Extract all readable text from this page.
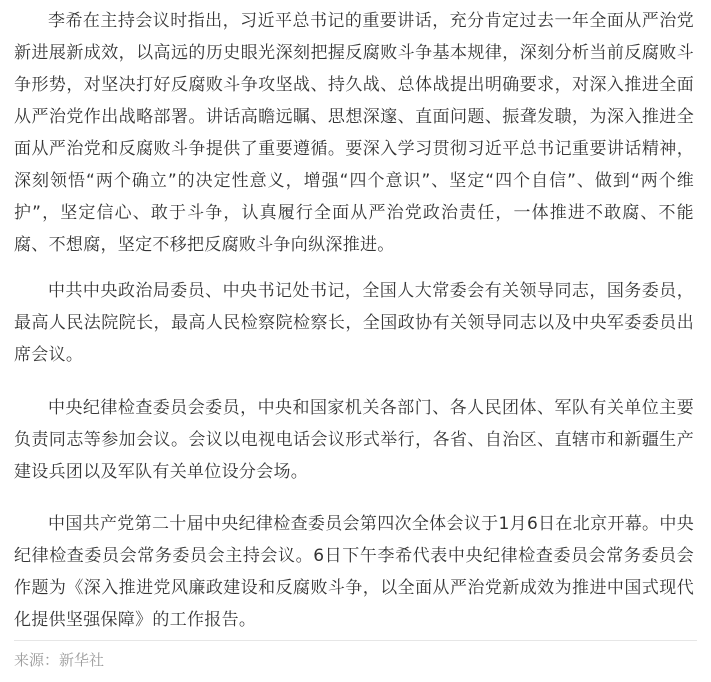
李希在主持会议时指出，习近平总书记的重要讲话，充分肯定过去一年全面从严治党新进展新成效，以高远的历史眼光深刻把握反腐败斗争基本规律，深刻分析当前反腐败斗争形势，对坚决打好反腐败斗争攻坚战、持久战、总体战提出明确要求，对深入推进全面从严治党作出战略部署。讲话高瞻远瞩、思想深邃、直面问题、振聋发聩，为深入推进全面从严治党和反腐败斗争提供了重要遵循。要深入学习贯彻习近平总书记重要讲话精神，深刻领悟“两个确立”的决定性意义，增强“四个意识”、坚定“四个自信”、做到“两个维护”，坚定信心、敢于斗争，认真履行全面从严治党政治责任，一体推进不敢腐、不能腐、不想腐，坚定不移把反腐败斗争向纵深推进。

中共中央政治局委员、中央书记处书记，全国人大常委会有关领导同志，国务委员，最高人民法院院长，最高人民检察院检察长，全国政协有关领导同志以及中央军委委员出席会议。

中央纪律检查委员会委员，中央和国家机关各部门、各人民团体、军队有关单位主要负责同志等参加会议。会议以电视电话会议形式举行，各省、自治区、直辖市和新疆生产建设兵团以及军队有关单位设分会场。

中国共产党第二十届中央纪律检查委员会第四次全体会议于1月6日在北京开幕。中央纪律检查委员会常务委员会主持会议。6日下午李希代表中央纪律检查委员会常务委员会作题为《深入推进党风廉政建设和反腐败斗争，以全面从严治党新成效为推进中国式现代化提供坚强保障》的工作报告。

来源：新华社
